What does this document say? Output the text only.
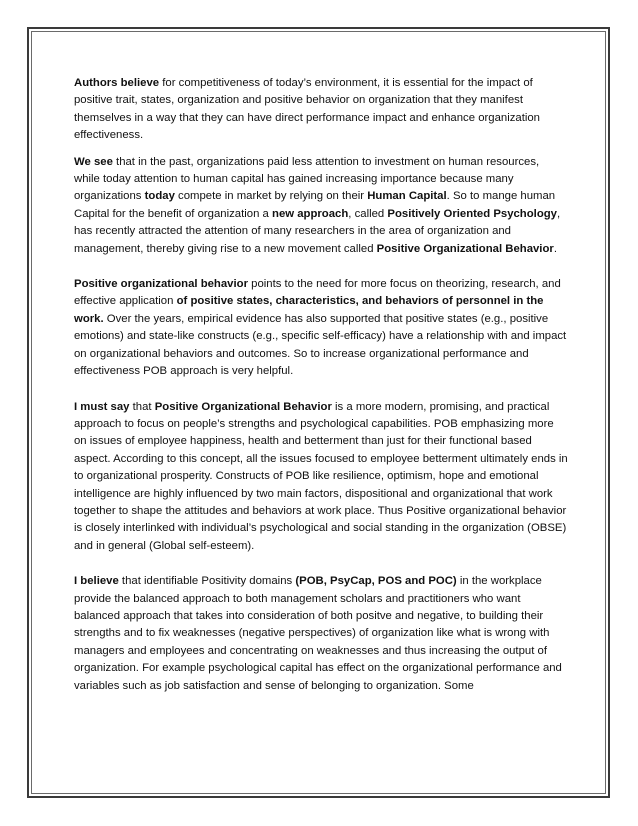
Authors believe for competitiveness of today’s environment, it is essential for the impact of positive trait, states, organization and positive behavior on organization that they manifest themselves in a way that they can have direct performance impact and enhance organization effectiveness.

We see that in the past, organizations paid less attention to investment on human resources, while today attention to human capital has gained increasing importance because many organizations today compete in market by relying on their Human Capital. So to mange human Capital for the benefit of organization a new approach, called Positively Oriented Psychology, has recently attracted the attention of many researchers in the area of organization and management, thereby giving rise to a new movement called Positive Organizational Behavior.

Positive organizational behavior points to the need for more focus on theorizing, research, and effective application of positive states, characteristics, and behaviors of personnel in the work. Over the years, empirical evidence has also supported that positive states (e.g., positive emotions) and state-like constructs (e.g., specific self-efficacy) have a relationship with and impact on organizational behaviors and outcomes. So to increase organizational performance and effectiveness POB approach is very helpful.

I must say that Positive Organizational Behavior is a more modern, promising, and practical approach to focus on people’s strengths and psychological capabilities. POB emphasizing more on issues of employee happiness, health and betterment than just for their functional based aspect. According to this concept, all the issues focused to employee betterment ultimately ends in to organizational prosperity. Constructs of POB like resilience, optimism, hope and emotional intelligence are highly influenced by two main factors, dispositional and organizational that work together to shape the attitudes and behaviors at work place. Thus Positive organizational behavior is closely interlinked with individual’s psychological and social standing in the organization (OBSE) and in general (Global self-esteem).

I believe that identifiable Positivity domains (POB, PsyCap, POS and POC) in the workplace provide the balanced approach to both management scholars and practitioners who want balanced approach that takes into consideration of both positve and negative, to building their strengths and to fix weaknesses (negative perspectives) of organization like what is wrong with managers and employees and concentrating on weaknesses and thus increasing the output of organization. For example psychological capital has effect on the organizational performance and variables such as job satisfaction and sense of belonging to organization. Some
